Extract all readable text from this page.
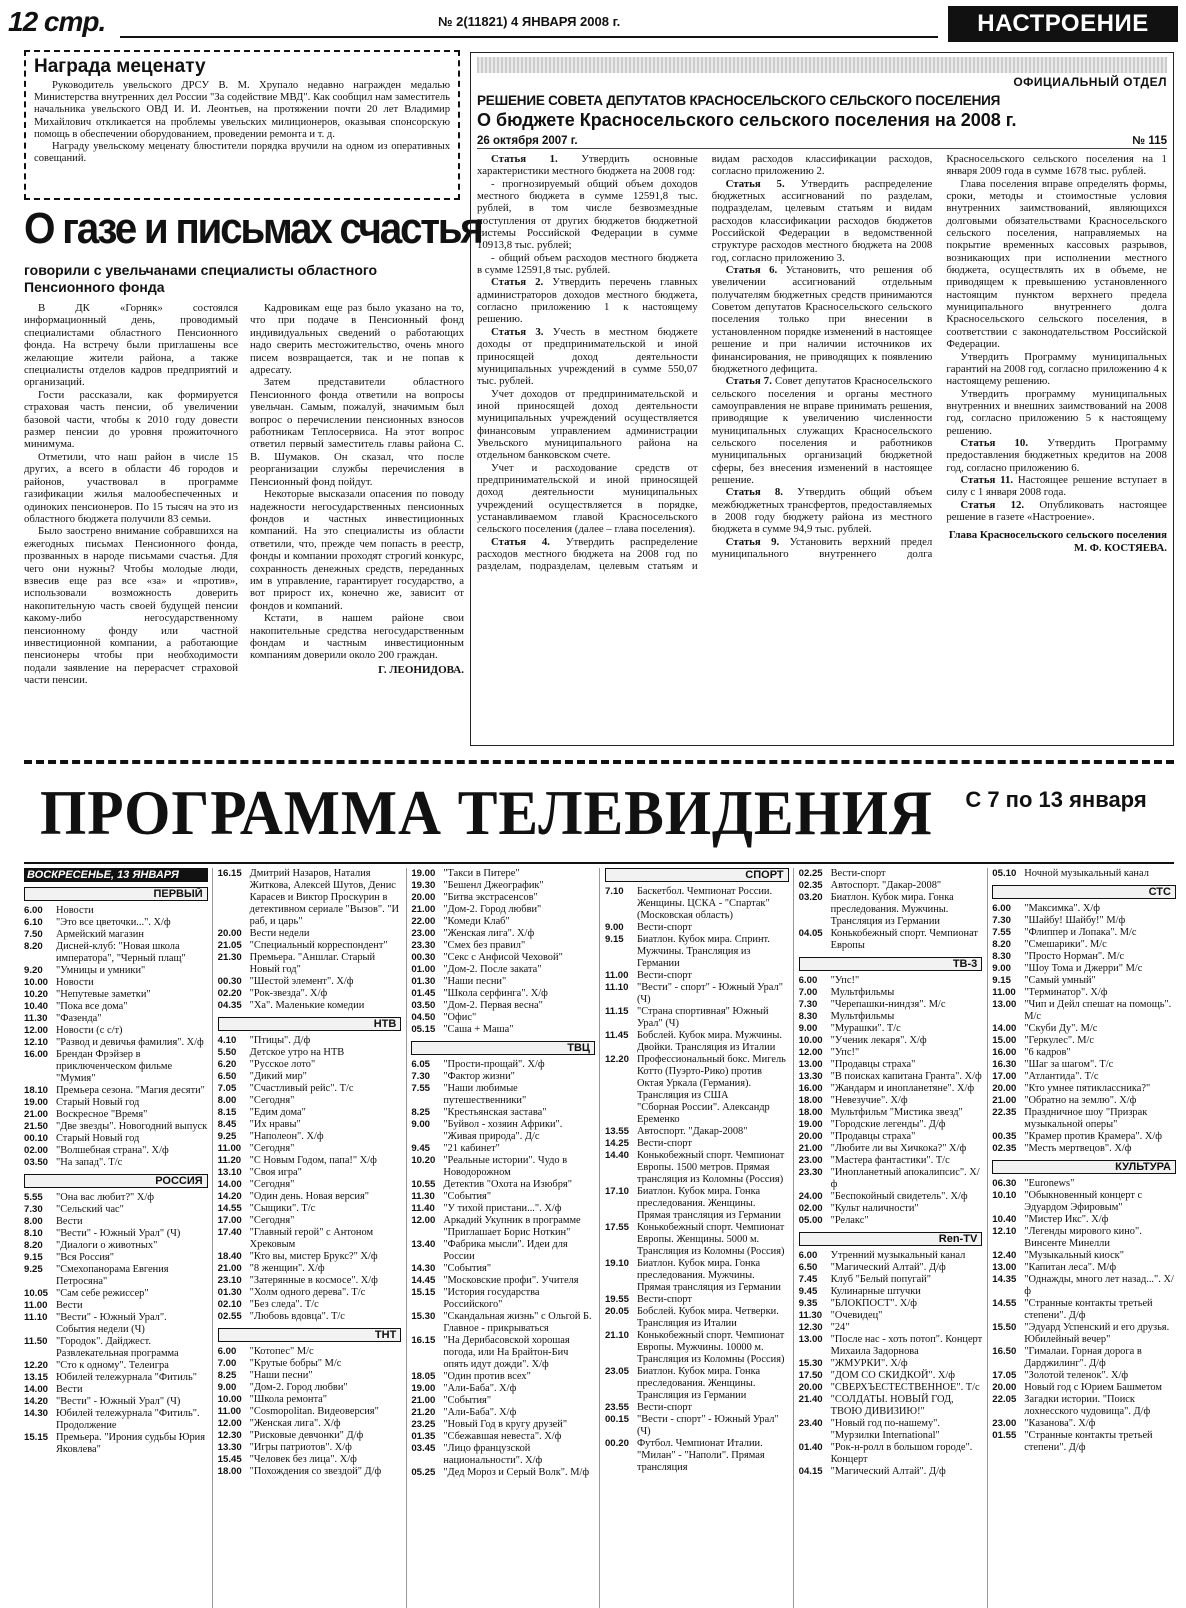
12 стр.	№ 2(11821) 4 ЯНВАРЯ 2008 г.	НАСТРОЕНИЕ
Награда меценату

Руководитель увельского ДРСУ В. М. Хрупало недавно награжден медалью Министерства внутренних дел России "За содействие МВД". Как сообщил нам заместитель начальника увельского ОВД И. И. Леонтьев, на протяжении почти 20 лет Владимир Михайлович откликается на проблемы увельских милиционеров, оказывая спонсорскую помощь в обеспечении оборудованием, проведении ремонта и т. д.

Награду увельскому меценату блюстители порядка вручили на одном из оперативных совещаний.

О газе и письмах счастья
говорили с увельчанами специалисты областного Пенсионного фонда

В ДК «Горняк» состоялся информационный день, проводимый специалистами областного Пенсионного фонда. На встречу были приглашены все желающие жители района, а также специалисты отделов кадров предприятий и организаций.

Гости рассказали, как формируется страховая часть пенсии, об увеличении базовой части, чтобы к 2010 году довести размер пенсии до уровня прожиточного минимума.

Отметили, что наш район в числе 15 других, а всего в области 46 городов и районов, участвовал в программе газификации жилья малообеспеченных и одиноких пенсионеров. По 15 тысяч на это из областного бюджета получили 83 семьи.

Было заострено внимание собравшихся на ежегодных письмах Пенсионного фонда, прозванных в народе письмами счастья. Для чего они нужны? Чтобы молодые люди, взвесив еще раз все «за» и «против», использовали возможность доверить накопительную часть своей будущей пенсии какому-либо негосударственному пенсионному фонду или частной инвестиционной компании, а работающие пенсионеры чтобы при необходимости подали заявление на перерасчет страховой части пенсии.

Кадровикам еще раз было указано на то, что при подаче в Пенсионный фонд индивидуальных сведений о работающих надо сверить местожительство, очень много писем возвращается, так и не попав к адресату.

Затем представители областного Пенсионного фонда ответили на вопросы увельчан. Самым, пожалуй, значимым был вопрос о перечислении пенсионных взносов работникам Теплосервиса. На этот вопрос ответил первый заместитель главы района С. В. Шумаков. Он сказал, что после реорганизации службы перечисления в Пенсионный фонд пойдут.

Некоторые высказали опасения по поводу надежности негосударственных пенсионных фондов и частных инвестиционных компаний. На это специалисты из области ответили, что, прежде чем попасть в реестр, фонды и компании проходят строгий конкурс, сохранность денежных средств, переданных им в управление, гарантирует государство, а вот прирост их, конечно же, зависит от фондов и компаний.

Кстати, в нашем районе свои накопительные средства негосударственным фондам и частным инвестиционным компаниям доверили около 200 граждан.

Г. ЛЕОНИДОВА.

ОФИЦИАЛЬНЫЙ ОТДЕЛ
РЕШЕНИЕ СОВЕТА ДЕПУТАТОВ КРАСНОСЕЛЬСКОГО СЕЛЬСКОГО ПОСЕЛЕНИЯ
О бюджете Красносельского сельского поселения на 2008 г.
26 октября 2007 г.	№ 115

Статья 1. Утвердить основные характеристики местного бюджета на 2008 год:

- прогнозируемый общий объем доходов местного бюджета в сумме 12591,8 тыс. рублей, в том числе безвозмездные поступления от других бюджетов бюджетной системы Российской Федерации в сумме 10913,8 тыс. рублей;

- общий объем расходов местного бюджета в сумме 12591,8 тыс. рублей.

Статья 2. Утвердить перечень главных администраторов доходов местного бюджета, согласно приложению 1 к настоящему решению.

Статья 3. Учесть в местном бюджете доходы от предпринимательской и иной приносящей доход деятельности муниципальных учреждений в сумме 550,07 тыс. рублей.

Учет доходов от предпринимательской и иной приносящей доход деятельности муниципальных учреждений осуществляется финансовым управлением администрации Увельского муниципального района на отдельном банковском счете.

Учет и расходование средств от предпринимательской и иной приносящей доход деятельности муниципальных учреждений осуществляется в порядке, устанавливаемом главой Красносельского сельского поселения (далее – глава поселения).

Статья 4. Утвердить распределение расходов местного бюджета на 2008 год по разделам, подразделам, целевым статьям и видам расходов классификации расходов, согласно приложению 2.

Статья 5. Утвердить распределение бюджетных ассигнований по разделам, подразделам, целевым статьям и видам расходов классификации расходов бюджетов Российской Федерации в ведомственной структуре расходов местного бюджета на 2008 год, согласно приложению 3.

Статья 6. Установить, что решения об увеличении ассигнований отдельным получателям бюджетных средств принимаются Советом депутатов Красносельского сельского поселения только при внесении в установленном порядке изменений в настоящее решение и при наличии источников их финансирования, не приводящих к появлению бюджетного дефицита.

Статья 7. Совет депутатов Красносельского сельского поселения и органы местного самоуправления не вправе принимать решения, приводящие к увеличению численности муниципальных служащих Красносельского сельского поселения и работников муниципальных организаций бюджетной сферы, без внесения изменений в настоящее решение.

Статья 8. Утвердить общий объем межбюджетных трансфертов, предоставляемых в 2008 году бюджету района из местного бюджета в сумме 94,9 тыс. рублей.

Статья 9. Установить верхний предел муниципального внутреннего долга Красносельского сельского поселения на 1 января 2009 года в сумме 1678 тыс. рублей.

Глава поселения вправе определять формы, сроки, методы и стоимостные условия внутренних заимствований, являющихся долговыми обязательствами Красносельского сельского поселения, направляемых на покрытие временных кассовых разрывов, возникающих при исполнении местного бюджета, осуществлять их в объеме, не приводящем к превышению установленного настоящим пунктом верхнего предела муниципального внутреннего долга Красносельского сельского поселения, в соответствии с законодательством Российской Федерации.

Утвердить Программу муниципальных гарантий на 2008 год, согласно приложению 4 к настоящему решению.

Утвердить программу муниципальных внутренних и внешних заимствований на 2008 год, согласно приложению 5 к настоящему решению.

Статья 10. Утвердить Программу предоставления бюджетных кредитов на 2008 год, согласно приложению 6.

Статья 11. Настоящее решение вступает в силу с 1 января 2008 года.

Статья 12. Опубликовать настоящее решение в газете «Настроение».

Глава Красносельского сельского поселения М. Ф. КОСТЯЕВА.

ПРОГРАММА ТЕЛЕВИДЕНИЯ	С 7 по 13 января
ВОСКРЕСЕНЬЕ, 13 ЯНВАРЯ
ПЕРВЫЙ
6.00	Новости
6.10	"Это все цветочки...". Х/ф
7.50	Армейский магазин
8.20	Дисней-клуб: "Новая школа императора", "Черный плащ"
9.20	"Умницы и умники"
10.00 Новости
10.20 "Непутевые заметки"
10.40 "Пока все дома"
11.30 "Фазенда"
12.00 Новости (с с/т)
12.10 "Развод и девичья фамилия". Х/ф
16.00 Брендан Фрэйзер в приключенческом фильме "Мумия"
18.10 Премьера сезона. "Магия десяти"
19.00 Старый Новый год
21.00 Воскресное "Время"
21.50 "Две звезды". Новогодний выпуск
00.10 Старый Новый год
02.00 "Волшебная страна". Х/ф
03.50 "На запад". Т/с
РОССИЯ
5.55	"Она вас любит?" Х/ф
7.30	"Сельский час"
8.00	Вести
8.10	"Вести" - Южный Урал" (Ч)
8.20	"Диалоги о животных"
9.15	"Вся Россия"
9.25	"Смехопанорама Евгения Петросяна"
10.05 "Сам себе режиссер"
11.00 Вести
11.10 "Вести" - Южный Урал". События недели (Ч)
11.50 "Городок". Дайджест. Развлекательная программа
12.20 "Сто к одному". Телеигра
13.15 Юбилей тележурнала "Фитиль"
14.00 Вести
14.20 "Вести" - Южный Урал" (Ч)
14.30 Юбилей тележурнала "Фитиль". Продолжение
15.15 Премьера. "Ирония судьбы Юрия Яковлева"
16.15 Дмитрий Назаров, Наталия Житкова, Алексей Шутов, Денис Карасев и Виктор Проскурин в детективном сериале "Вызов". "И раб, и царь"
20.00 Вести недели
21.05 "Специальный корреспондент"
21.30 Премьера. "Аншлаг. Старый Новый год"
00.30 "Шестой элемент". Х/ф
02.20 "Рок-звезда". Х/ф
04.35 "Ха". Маленькие комедии
НТВ
4.10	"Птицы". Д/ф
5.50	Детское утро на НТВ
6.20	"Русское лото"
6.50	"Дикий мир"
7.05	"Счастливый рейс". Т/с
8.00	"Сегодня"
8.15	"Едим дома"
8.45	"Их нравы"
9.25	"Наполеон". Х/ф
11.00 "Сегодня"
11.20 "С Новым Годом, папа!" Х/ф
13.10 "Своя игра"
14.00 "Сегодня"
14.20 "Один день. Новая версия"
14.55 "Сыщики". Т/с
17.00 "Сегодня"
17.40 "Главный герой" с Антоном Хрековым
18.40 "Кто вы, мистер Брукс?" Х/ф
21.00 "8 женщин". Х/ф
23.10 "Затерянные в космосе". Х/ф
01.30 "Холм одного дерева". Т/с
02.10 "Без следа". Т/с
02.55 "Любовь вдовца". Т/с
ТНТ
6.00	"Котопес" М/с
7.00	"Крутые бобры" М/с
8.25	"Наши песни"
9.00	"Дом-2. Город любви"
10.00 "Школа ремонта"
11.00 "Cosmopolitan. Видеоверсия"
12.00 "Женская лига". Х/ф
12.30 "Рисковые девчонки" Д/ф
13.30 "Игры патриотов". Х/ф
15.45 "Человек без лица". Х/ф
18.00 "Похождения со звездой" Д/ф
19.00 "Такси в Питере"
19.30 "Бешенл Джеографик"
20.00 "Битва экстрасенсов"
21.00 "Дом-2. Город любви"
22.00 "Комеди Клаб"
23.00 "Женская лига". Х/ф
23.30 "Смех без правил"
00.30 "Секс с Анфисой Чеховой"
01.00 "Дом-2. После заката"
01.30 "Наши песни"
01.45 "Школа серфинга". Х/ф
03.50 "Дом-2. Первая весна"
04.50 "Офис"
05.15 "Саша + Маша"
ТВЦ
6.05	"Прости-прощай". Х/ф
7.30	"Фактор жизни"
7.55	"Наши любимые путешественники"
8.25	"Крестьянская застава"
9.00	"Буйвол - хозяин Африки". "Живая природа". Д/с
9.45	"21 кабинет"
10.20 "Реальные истории". Чудо в Новодорожном
10.55 Детектив "Охота на Изюбря"
11.30 "События"
11.40 "У тихой пристани...". Х/ф
12.00 Аркадий Укупник в программе "Приглашает Борис Ноткин"
13.40 "Фабрика мысли". Идеи для России
14.30 "События"
14.45 "Московские профи". Учителя
15.15 "История государства Российского"
15.30 "Скандальная жизнь" с Ольгой Б. Главное - прикрываться
16.15 "На Дерибасовской хорошая погода, или На Брайтон-Бич опять идут дожди". Х/ф
18.05 "Один против всех"
19.00 "Али-Баба". Х/ф
21.00 "События"
21.20 "Али-Баба". Х/ф
23.25 "Новый Год в кругу друзей"
01.35 "Сбежавшая невеста". Х/ф
03.45 "Лицо французской национальности". Х/ф
05.25 "Дед Мороз и Серый Волк". М/ф
СПОРТ
7.10	Баскетбол. Чемпионат России. Женщины. ЦСКА - "Спартак" (Московская область)
9.00	Вести-спорт
9.15	Биатлон. Кубок мира. Спринт. Мужчины. Трансляция из Германии
11.00 Вести-спорт
11.10 "Вести" - спорт" - Южный Урал" (Ч)
11.15 "Страна спортивная" Южный Урал" (Ч)
11.45 Бобслей. Кубок мира. Мужчины. Двойки. Трансляция из Италии
12.20 Профессиональный бокс. Мигель Котто (Пуэрто-Рико) против Октая Уркала (Германия). Трансляция из США
"Сборная России". Александр Еременко
13.55 Автоспорт. "Дакар-2008"
14.25 Вести-спорт
14.40 Конькобежный спорт. Чемпионат Европы. 1500 метров. Прямая трансляция из Коломны (Россия)
17.10 Биатлон. Кубок мира. Гонка преследования. Женщины. Прямая трансляция из Германии
17.55 Конькобежный спорт. Чемпионат Европы. Женщины. 5000 м. Трансляция из Коломны (Россия)
19.10 Биатлон. Кубок мира. Гонка преследования. Мужчины. Прямая трансляция из Германии
19.55 Вести-спорт
20.05 Бобслей. Кубок мира. Четверки. Трансляция из Италии
21.10 Конькобежный спорт. Чемпионат Европы. Мужчины. 10000 м. Трансляция из Коломны (Россия)
23.05 Биатлон. Кубок мира. Гонка преследования. Женщины. Трансляция из Германии
23.55 Вести-спорт
00.15 "Вести - спорт" - Южный Урал" (Ч)
00.20 Футбол. Чемпионат Италии. "Милан" - "Наполи". Прямая трансляция
02.25 Вести-спорт
02.35 Автоспорт. "Дакар-2008"
03.20 Биатлон. Кубок мира. Гонка преследования. Мужчины. Трансляция из Германии
04.05 Конькобежный спорт. Чемпионат Европы
ТВ-3
6.00	"Упс!"
7.00	Мультфильмы
7.30	"Черепашки-ниндзя". М/с
8.30	Мультфильмы
9.00	"Мурашки". Т/с
10.00 "Ученик лекаря". Х/ф
12.00 "Упс!"
13.00 "Продавцы страха"
13.30 "В поисках капитана Гранта". Х/ф
16.00 "Жандарм и инопланетяне". Х/ф
18.00 "Невезучие". Х/ф
18.00 Мультфильм "Мистика звезд"
19.00 "Городские легенды". Д/ф
20.00 "Продавцы страха"
21.00 "Любите ли вы Хичкока?" Х/ф
23.00 "Мастера фантастики". Т/с
23.30 "Инопланетный апокалипсис". Х/ф
24.00 "Беспокойный свидетель". Х/ф
02.00 "Культ наличности"
05.00 "Релакс"
Ren-TV
6.00	Утренний музыкальный канал
6.50	"Магический Алтай". Д/ф
7.45	Клуб "Белый попугай"
9.45	Кулинарные штучки
9.35	"БЛОКПОСТ". Х/ф
11.30 "Очевидец"
12.30 "24"
13.00 "После нас - хоть потоп". Концерт Михаила Задорнова
15.30 "ЖМУРКИ". Х/ф
17.50 "ДОМ СО СКИДКОЙ". Х/ф
20.00 "СВЕРХЪЕСТЕСТВЕННОЕ". Т/с
21.40 "СОЛДАТЫ. НОВЫЙ ГОД, ТВОЮ ДИВИЗИЮ!"
23.40 "Новый год по-нашему". "Мурзилки International"
01.40 "Рок-н-ролл в большом городе". Концерт
04.15 "Магический Алтай". Д/ф
05.10 Ночной музыкальный канал
СТС
6.00	"Максимка". Х/ф
7.30	"Шайбу! Шайбу!" М/ф
7.55	"Флиппер и Лопака". М/с
8.20	"Смешарики". М/с
8.30	"Просто Норман". М/с
9.00	"Шоу Тома и Джерри" М/с
9.15	"Самый умный"
11.00 "Терминатор". Х/ф
13.00 "Чип и Дейл спешат на помощь". М/с
14.00 "Скуби Ду". М/с
15.00 "Геркулес". М/с
16.00 "6 кадров"
16.30 "Шаг за шагом". Т/с
17.00 "Атлантида". Т/с
20.00 "Кто умнее пятиклассника?"
21.00 "Обратно на землю". Х/ф
22.35 Праздничное шоу "Призрак музыкальной оперы"
00.35 "Крамер против Крамера". Х/ф
02.35 "Месть мертвецов". Х/ф
КУЛЬТУРА
06.30 "Euronews"
10.10 "Обыкновенный концерт с Эдуардом Эфировым"
10.40 "Мистер Икс". Х/ф
12.10 "Легенды мирового кино". Винсенте Минелли
12.40 "Музыкальный киоск"
13.00 "Капитан леса". М/ф
14.35 "Однажды, много лет назад...". Х/ф
14.55 "Странные контакты третьей степени". Д/ф
15.50 "Эдуард Успенский и его друзья. Юбилейный вечер"
16.50 "Гималаи. Горная дорога в Дарджилинг". Д/ф
17.05 "Золотой теленок". Х/ф
20.00 Новый год с Юрием Башметом
22.05 Загадки истории. "Поиск лохнесского чудовища". Д/ф
23.00 "Казанова". Х/ф
01.55 "Странные контакты третьей степени". Д/ф
